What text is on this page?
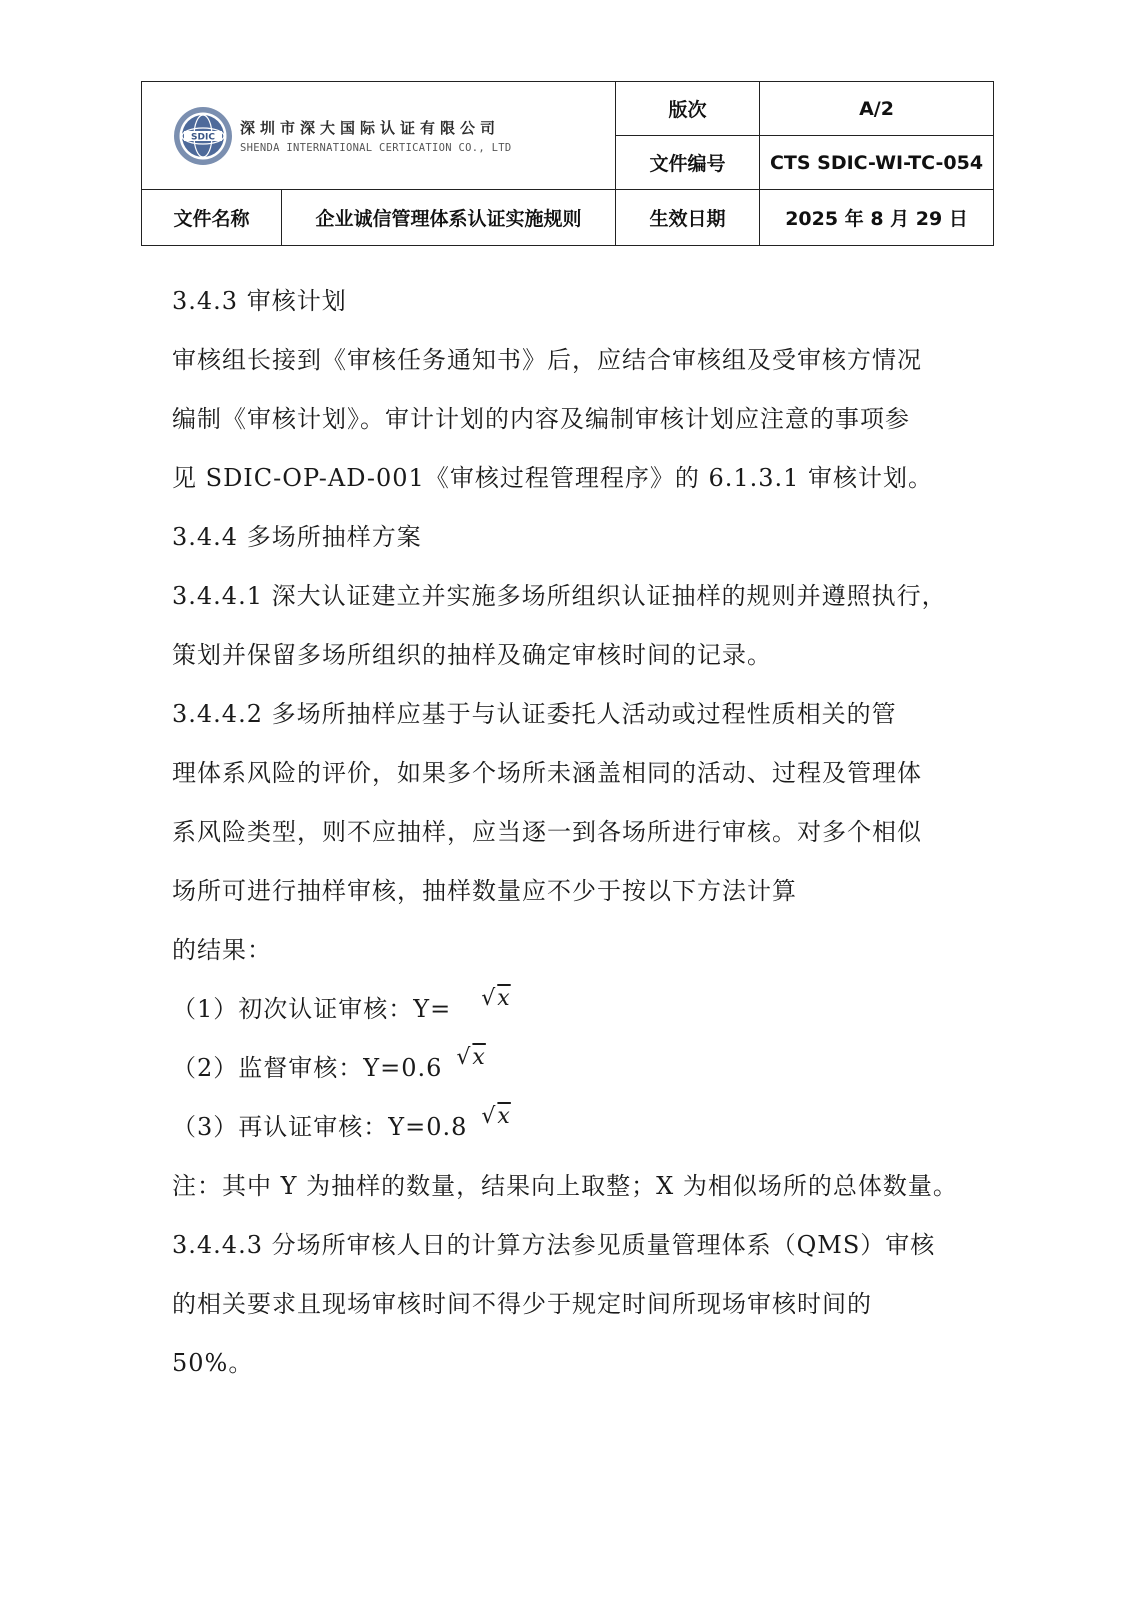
SDIC 深圳市深大国际认证有限公司
SHENDA INTERNATIONAL CERTICATION CO., LTD		版次	A/2
		文件编号	CTS SDIC-WI-TC-054
文件名称	企业诚信管理体系认证实施规则	生效日期	2025 年 8 月 29 日
3.4.3 审核计划
审核组长接到《审核任务通知书》后，应结合审核组及受审核方情况
编制《审核计划》。审计计划的内容及编制审核计划应注意的事项参
见 SDIC-OP-AD-001《审核过程管理程序》的 6.1.3.1 审核计划。
3.4.4 多场所抽样方案
3.4.4.1 深大认证建立并实施多场所组织认证抽样的规则并遵照执行，
策划并保留多场所组织的抽样及确定审核时间的记录。
3.4.4.2 多场所抽样应基于与认证委托人活动或过程性质相关的管
理体系风险的评价，如果多个场所未涵盖相同的活动、过程及管理体
系风险类型，则不应抽样，应当逐一到各场所进行审核。对多个相似
场所可进行抽样审核，抽样数量应不少于按以下方法计算
的结果：
（1）初次认证审核：Y= √x
（2）监督审核：Y=0.6 √x
（3）再认证审核：Y=0.8 √x
注：其中 Y 为抽样的数量，结果向上取整；X 为相似场所的总体数量。
3.4.4.3 分场所审核人日的计算方法参见质量管理体系（QMS）审核
的相关要求且现场审核时间不得少于规定时间所现场审核时间的
50%。
